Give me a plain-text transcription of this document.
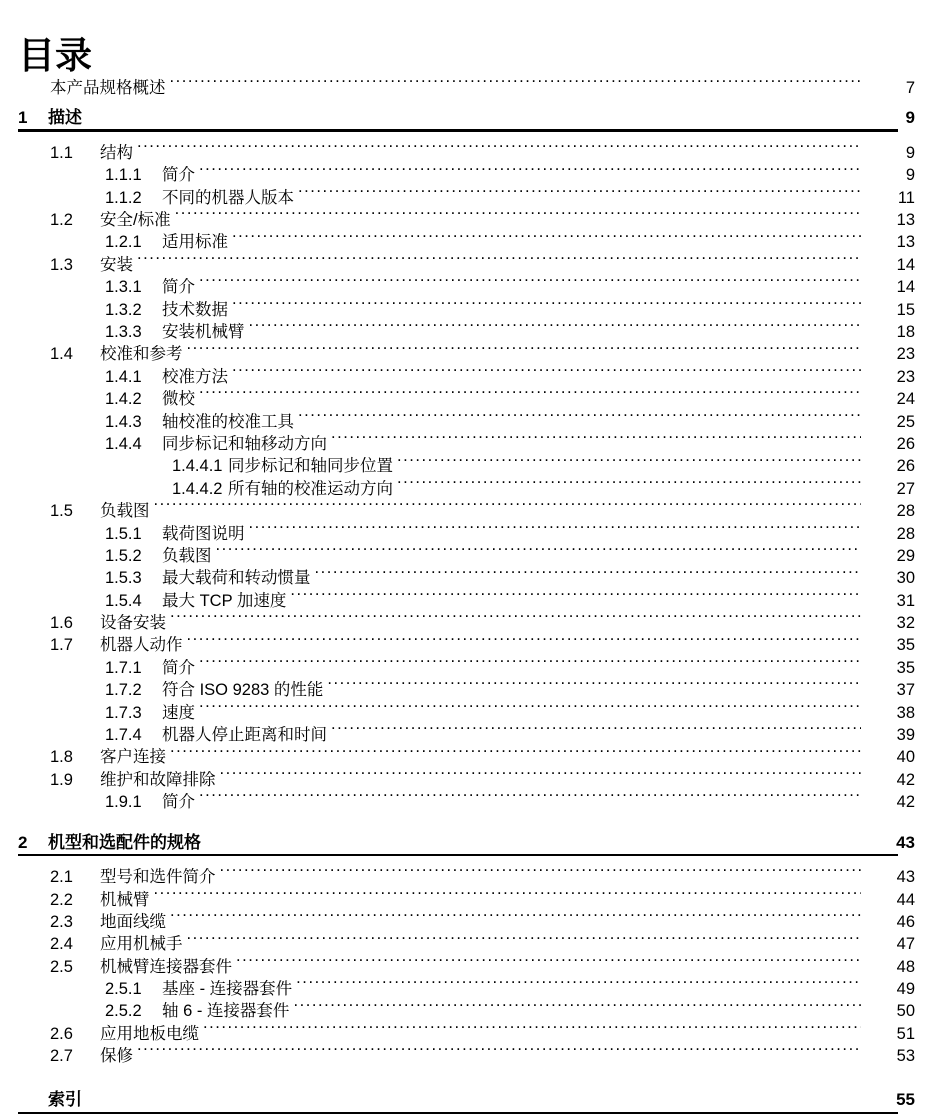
目录
本产品规格概述 .....	7
1	描述	9
1.1	结构 .....	9
1.1.1	简介 .....	9
1.1.2	不同的机器人版本 .....	11
1.2	安全/标准 .....	13
1.2.1	适用标准 .....	13
1.3	安装 .....	14
1.3.1	简介 .....	14
1.3.2	技术数据 .....	15
1.3.3	安装机械臂 .....	18
1.4	校准和参考 .....	23
1.4.1	校准方法 .....	23
1.4.2	微校 .....	24
1.4.3	轴校准的校准工具 .....	25
1.4.4	同步标记和轴移动方向 .....	26
1.4.4.1 同步标记和轴同步位置 .....	26
1.4.4.2 所有轴的校准运动方向 .....	27
1.5	负载图 .....	28
1.5.1	载荷图说明 .....	28
1.5.2	负载图 .....	29
1.5.3	最大载荷和转动惯量 .....	30
1.5.4	最大 TCP 加速度 .....	31
1.6	设备安装 .....	32
1.7	机器人动作 .....	35
1.7.1	简介 .....	35
1.7.2	符合 ISO 9283 的性能 .....	37
1.7.3	速度 .....	38
1.7.4	机器人停止距离和时间 .....	39
1.8	客户连接 .....	40
1.9	维护和故障排除 .....	42
1.9.1	简介 .....	42
2	机型和选配件的规格	43
2.1	型号和选件简介 .....	43
2.2	机械臂 .....	44
2.3	地面线缆 .....	46
2.4	应用机械手 .....	47
2.5	机械臂连接器套件 .....	48
2.5.1	基座 - 连接器套件 .....	49
2.5.2	轴 6 - 连接器套件 .....	50
2.6	应用地板电缆 .....	51
2.7	保修 .....	53
索引	55
